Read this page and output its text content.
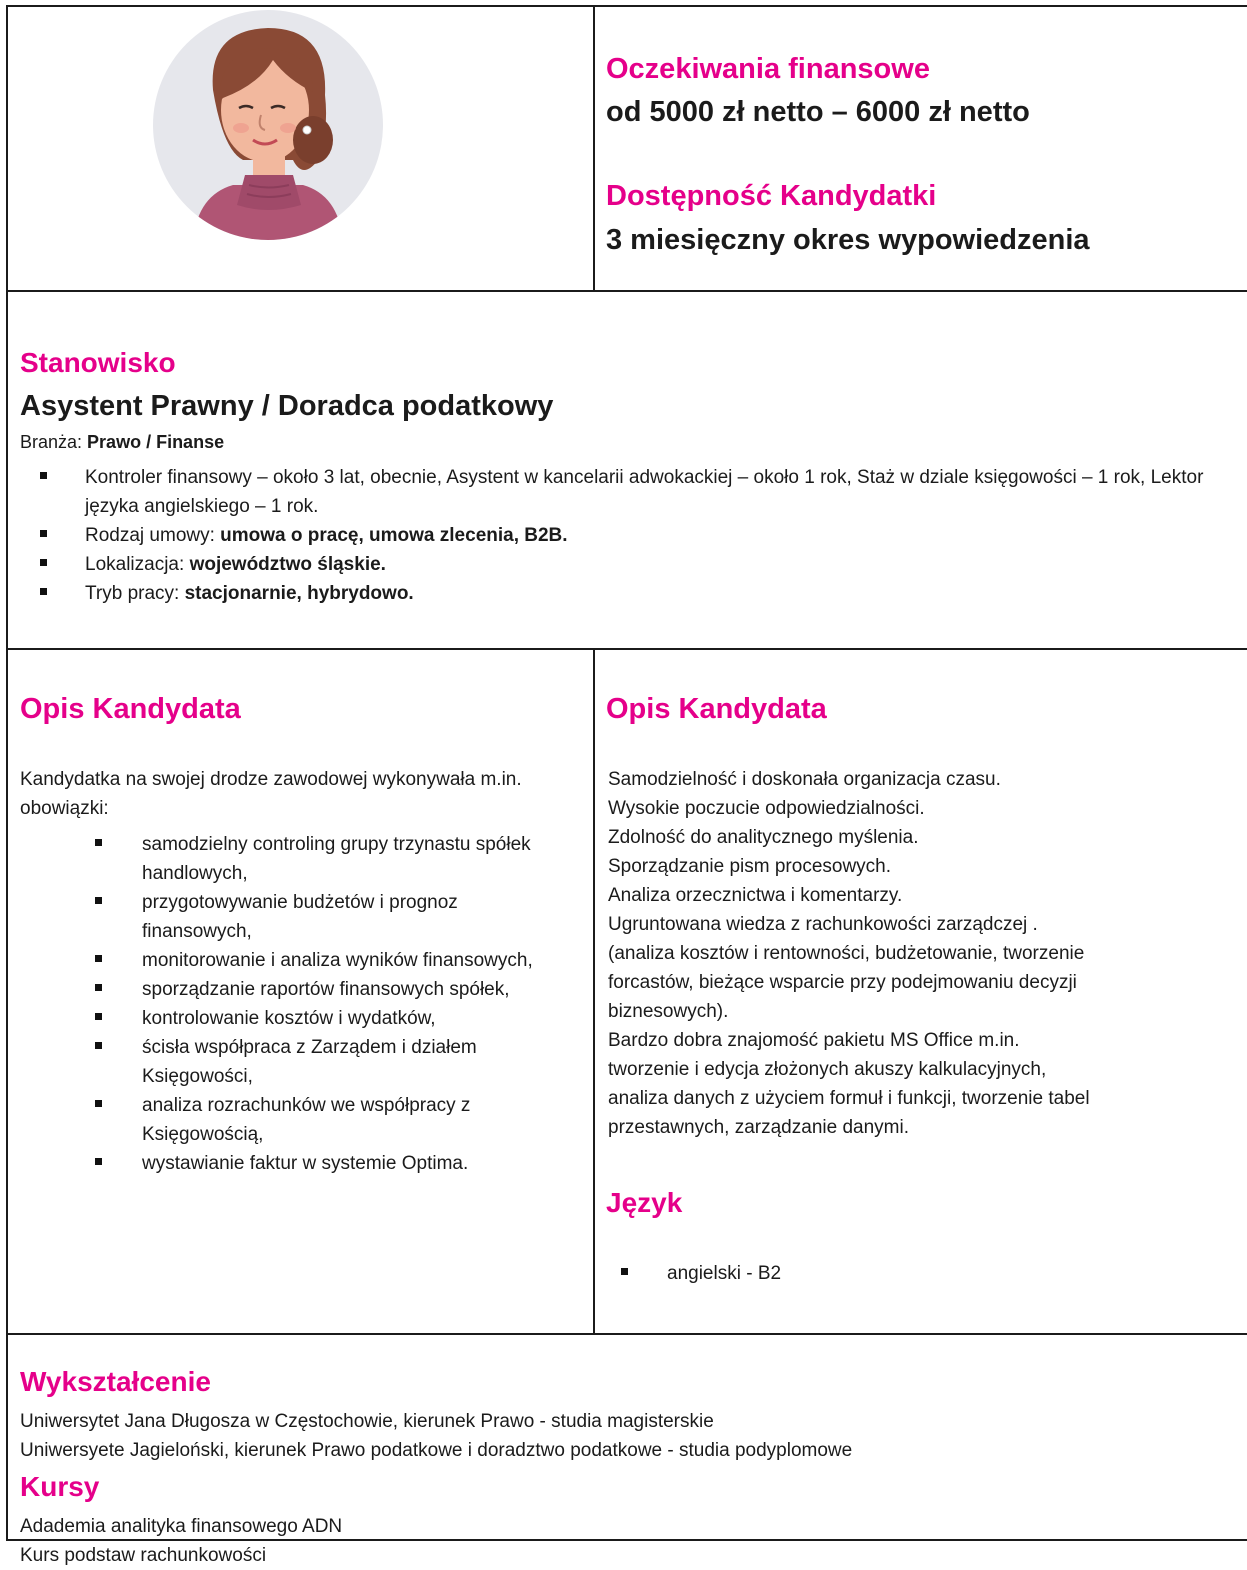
Oczekiwania finansowe
od 5000 zł netto – 6000 zł netto
Dostępność Kandydatki
3 miesięczny okres wypowiedzenia
Stanowisko
Asystent Prawny / Doradca podatkowy
Branża: Prawo / Finanse
Kontroler finansowy – około 3 lat, obecnie, Asystent w kancelarii adwokackiej – około 1 rok, Staż w dziale księgowości – 1 rok, Lektor języka angielskiego – 1 rok.
Rodzaj umowy: umowa o pracę, umowa zlecenia, B2B.
Lokalizacja: województwo śląskie.
Tryb pracy: stacjonarnie, hybrydowo.
Opis Kandydata
Kandydatka na swojej drodze zawodowej wykonywała m.in. obowiązki:
samodzielny controling grupy trzynastu spółek handlowych,
przygotowywanie budżetów i prognoz finansowych,
monitorowanie i analiza wyników finansowych,
sporządzanie raportów finansowych spółek,
kontrolowanie kosztów i wydatków,
ścisła współpraca z Zarządem i działem Księgowości,
analiza rozrachunków we współpracy z Księgowością,
wystawianie faktur w systemie Optima.
Opis Kandydata
Samodzielność i doskonała organizacja czasu.
Wysokie poczucie odpowiedzialności.
Zdolność do analitycznego myślenia.
Sporządzanie pism procesowych.
Analiza orzecznictwa i komentarzy.
Ugruntowana wiedza z rachunkowości zarządczej .
(analiza kosztów i rentowności, budżetowanie, tworzenie
forcastów, bieżące wsparcie przy podejmowaniu decyzji
biznesowych).
Bardzo dobra znajomość pakietu MS Office m.in.
tworzenie i edycja złożonych akuszy kalkulacyjnych,
analiza danych z użyciem formuł i funkcji, tworzenie tabel
przestawnych, zarządzanie danymi.
Język
angielski - B2
Wykształcenie
Uniwersytet Jana Długosza w Częstochowie, kierunek Prawo - studia magisterskie
Uniwersyete Jagieloński, kierunek Prawo podatkowe i doradztwo podatkowe - studia podyplomowe
Kursy
Adademia analityka finansowego ADN
Kurs podstaw rachunkowości
